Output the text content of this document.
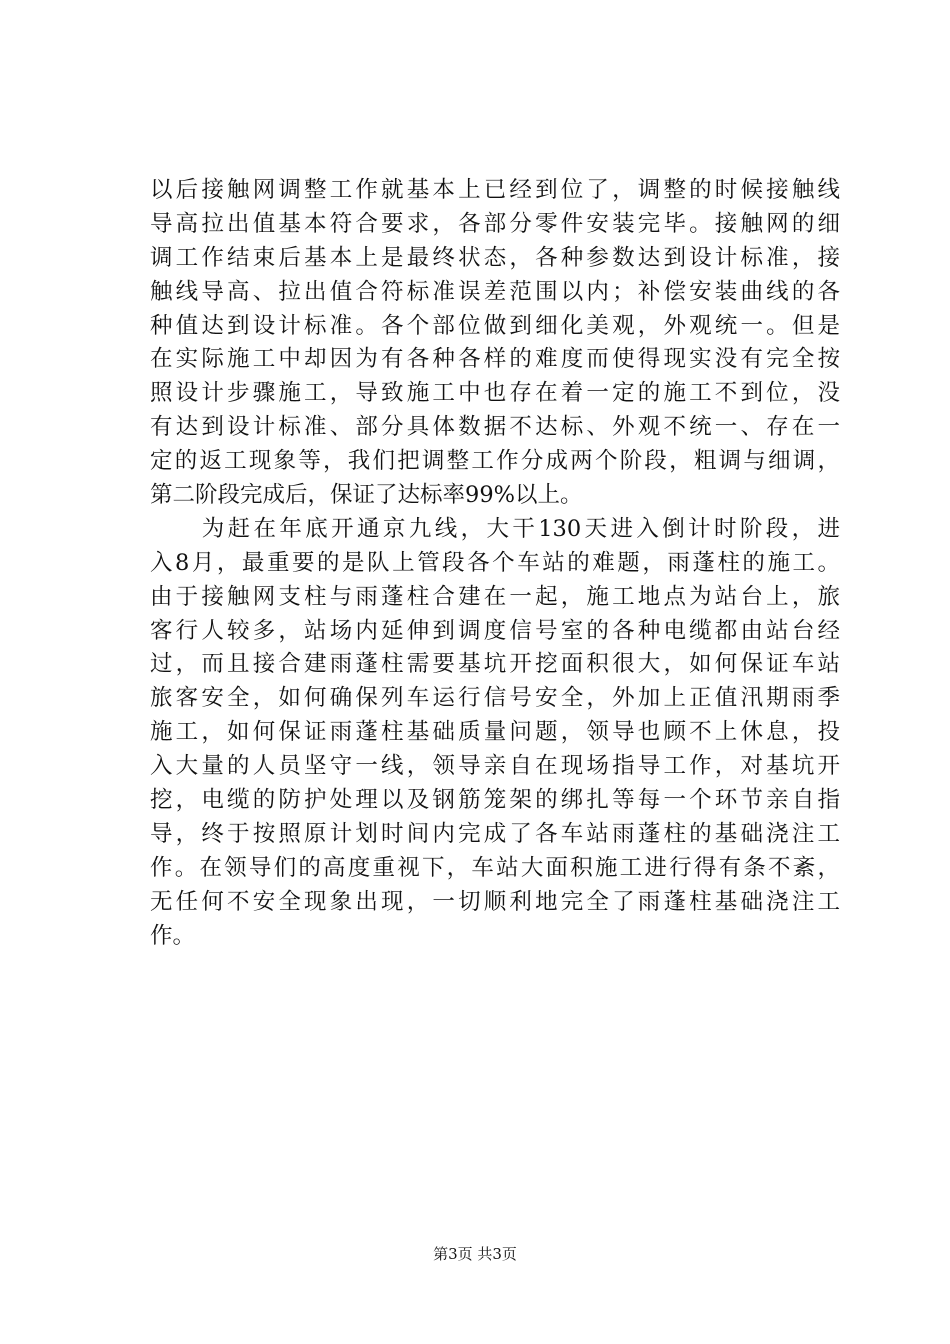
以后接触网调整工作就基本上已经到位了，调整的时候接触线
导高拉出值基本符合要求，各部分零件安装完毕。接触网的细
调工作结束后基本上是最终状态，各种参数达到设计标准，接
触线导高、拉出值合符标准误差范围以内；补偿安装曲线的各
种值达到设计标准。各个部位做到细化美观，外观统一。但是
在实际施工中却因为有各种各样的难度而使得现实没有完全按
照设计步骤施工，导致施工中也存在着一定的施工不到位，没
有达到设计标准、部分具体数据不达标、外观不统一、存在一
定的返工现象等，我们把调整工作分成两个阶段，粗调与细调，
第二阶段完成后，保证了达标率99%以上。
　　为赶在年底开通京九线，大干130天进入倒计时阶段，进
入8月，最重要的是队上管段各个车站的难题，雨蓬柱的施工。
由于接触网支柱与雨蓬柱合建在一起，施工地点为站台上，旅
客行人较多，站场内延伸到调度信号室的各种电缆都由站台经
过，而且接合建雨蓬柱需要基坑开挖面积很大，如何保证车站
旅客安全，如何确保列车运行信号安全，外加上正值汛期雨季
施工，如何保证雨蓬柱基础质量问题，领导也顾不上休息，投
入大量的人员坚守一线，领导亲自在现场指导工作，对基坑开
挖，电缆的防护处理以及钢筋笼架的绑扎等每一个环节亲自指
导，终于按照原计划时间内完成了各车站雨蓬柱的基础浇注工
作。在领导们的高度重视下，车站大面积施工进行得有条不紊，
无任何不安全现象出现，一切顺利地完全了雨蓬柱基础浇注工
作。
第3页 共3页
